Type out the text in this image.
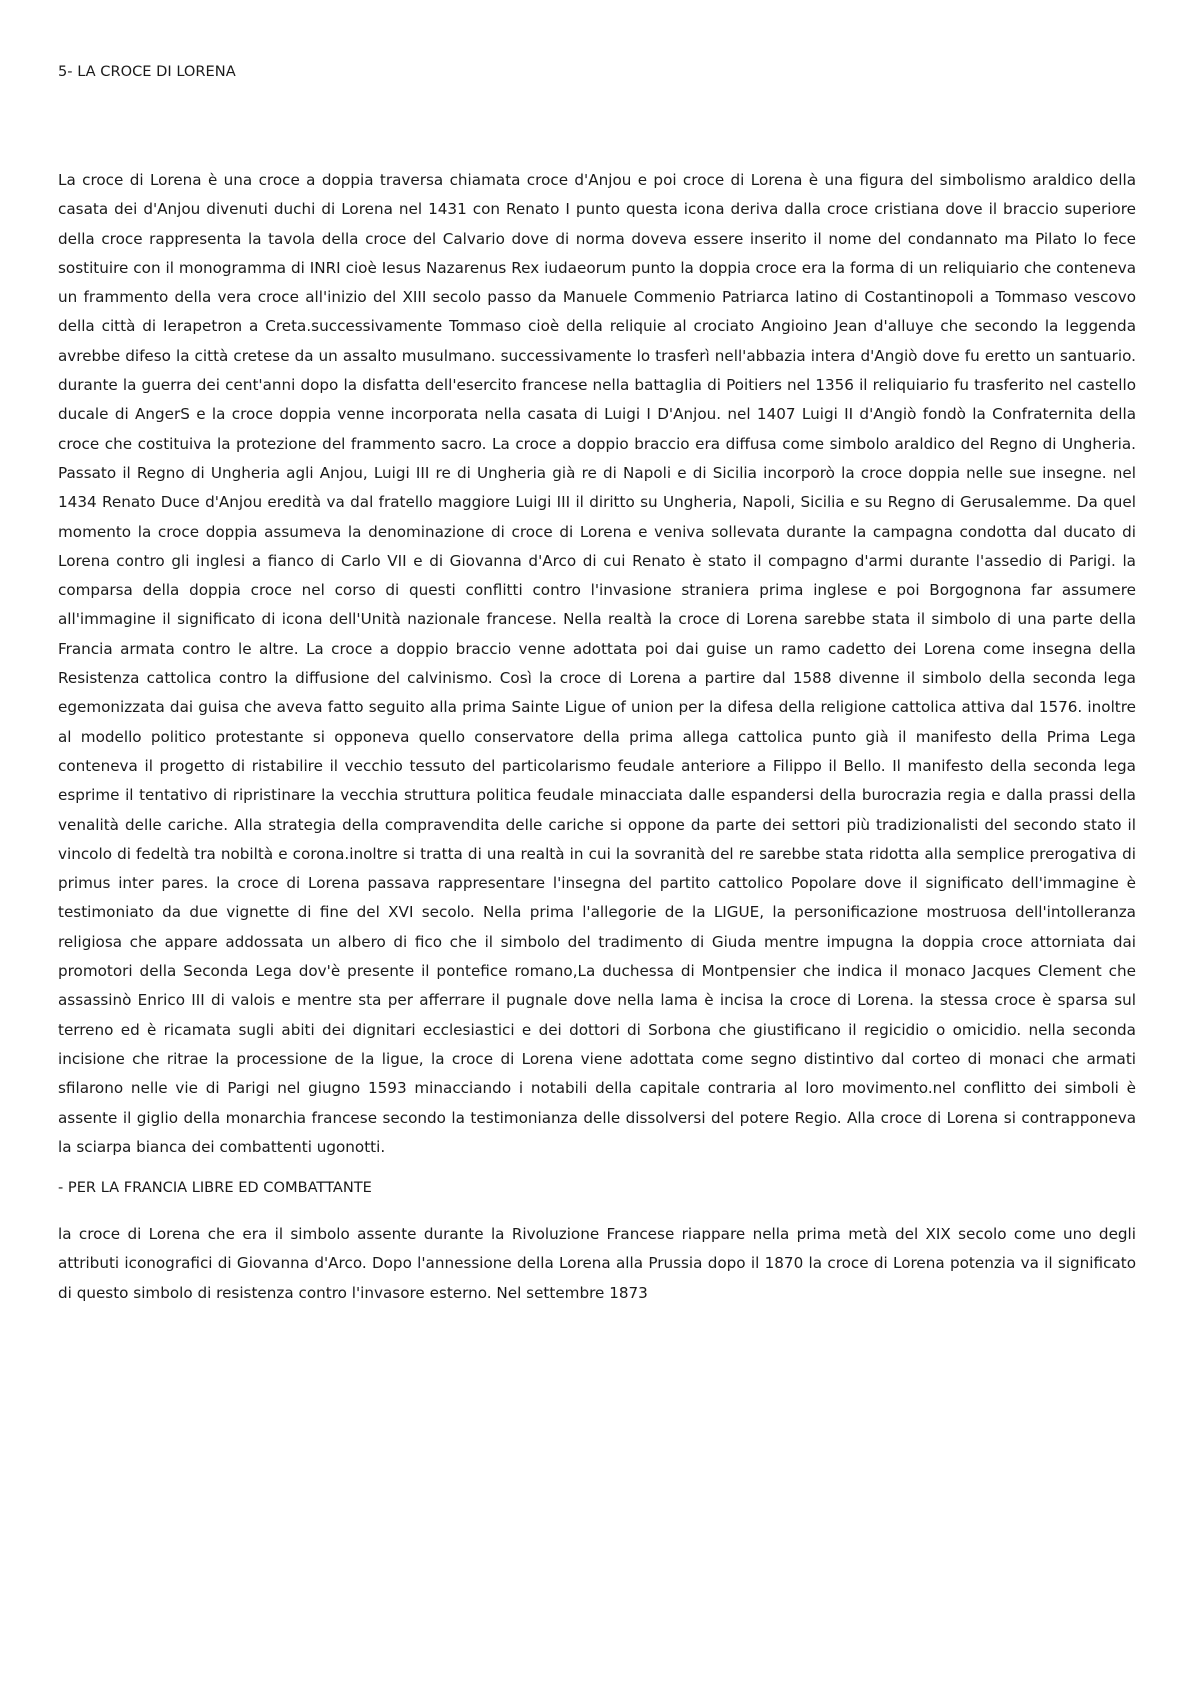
5- LA CROCE DI LORENA

La croce di Lorena è una croce a doppia traversa chiamata croce d'Anjou e poi croce di Lorena è una figura del simbolismo araldico della casata dei d'Anjou divenuti duchi di Lorena nel 1431 con Renato I punto questa icona deriva dalla croce cristiana dove il braccio superiore della croce rappresenta la tavola della croce del Calvario dove di norma doveva essere inserito il nome del condannato ma Pilato lo fece sostituire con il monogramma di INRI cioè Iesus Nazarenus Rex iudaeorum punto la doppia croce era la forma di un reliquiario che conteneva un frammento della vera croce all'inizio del XIII secolo passo da Manuele Commenio Patriarca latino di Costantinopoli a Tommaso vescovo della città di Ierapetron a Creta.successivamente Tommaso cioè della reliquie al crociato Angioino Jean d'alluye che secondo la leggenda avrebbe difeso la città cretese da un assalto musulmano. successivamente lo trasferì nell'abbazia intera d'Angiò dove fu eretto un santuario. durante la guerra dei cent'anni dopo la disfatta dell'esercito francese nella battaglia di Poitiers nel 1356 il reliquiario fu trasferito nel castello ducale di AngerS e la croce doppia venne incorporata nella casata di Luigi I D'Anjou. nel 1407 Luigi II d'Angiò fondò la Confraternita della croce che costituiva la protezione del frammento sacro. La croce a doppio braccio era diffusa come simbolo araldico del Regno di Ungheria. Passato il Regno di Ungheria agli Anjou, Luigi III re di Ungheria già re di Napoli e di Sicilia incorporò la croce doppia nelle sue insegne. nel 1434 Renato Duce d'Anjou eredità va dal fratello maggiore Luigi III il diritto su Ungheria, Napoli, Sicilia e su Regno di Gerusalemme. Da quel momento la croce doppia assumeva la denominazione di croce di Lorena e veniva sollevata durante la campagna condotta dal ducato di Lorena contro gli inglesi a fianco di Carlo VII e di Giovanna d'Arco di cui Renato è stato il compagno d'armi durante l'assedio di Parigi. la comparsa della doppia croce nel corso di questi conflitti contro l'invasione straniera prima inglese e poi Borgognona far assumere all'immagine il significato di icona dell'Unità nazionale francese. Nella realtà la croce di Lorena sarebbe stata il simbolo di una parte della Francia armata contro le altre. La croce a doppio braccio venne adottata poi dai guise un ramo cadetto dei Lorena come insegna della Resistenza cattolica contro la diffusione del calvinismo. Così la croce di Lorena a partire dal 1588 divenne il simbolo della seconda lega egemonizzata dai guisa che aveva fatto seguito alla prima Sainte Ligue of union per la difesa della religione cattolica attiva dal 1576. inoltre al modello politico protestante si opponeva quello conservatore della prima allega cattolica punto già il manifesto della Prima Lega conteneva il progetto di ristabilire il vecchio tessuto del particolarismo feudale anteriore a Filippo il Bello. Il manifesto della seconda lega esprime il tentativo di ripristinare la vecchia struttura politica feudale minacciata dalle espandersi della burocrazia regia e dalla prassi della venalità delle cariche. Alla strategia della compravendita delle cariche si oppone da parte dei settori più tradizionalisti del secondo stato il vincolo di fedeltà tra nobiltà e corona.inoltre si tratta di una realtà in cui la sovranità del re sarebbe stata ridotta alla semplice prerogativa di primus inter pares. la croce di Lorena passava rappresentare l'insegna del partito cattolico Popolare dove il significato dell'immagine è testimoniato da due vignette di fine del XVI secolo. Nella prima l'allegorie de la LIGUE, la personificazione mostruosa dell'intolleranza religiosa che appare addossata un albero di fico che il simbolo del tradimento di Giuda mentre impugna la doppia croce attorniata dai promotori della Seconda Lega dov'è presente il pontefice romano,La duchessa di Montpensier che indica il monaco Jacques Clement che assassinò Enrico III di valois e mentre sta per afferrare il pugnale dove nella lama è incisa la croce di Lorena. la stessa croce è sparsa sul terreno ed è ricamata sugli abiti dei dignitari ecclesiastici e dei dottori di Sorbona che giustificano il regicidio o omicidio. nella seconda incisione che ritrae la processione de la ligue, la croce di Lorena viene adottata come segno distintivo dal corteo di monaci che armati sfilarono nelle vie di Parigi nel giugno 1593 minacciando i notabili della capitale contraria al loro movimento.nel conflitto dei simboli è assente il giglio della monarchia francese secondo la testimonianza delle dissolversi del potere Regio. Alla croce di Lorena si contrapponeva la sciarpa bianca dei combattenti ugonotti.

- PER LA FRANCIA LIBRE ED COMBATTANTE

la croce di Lorena che era il simbolo assente durante la Rivoluzione Francese riappare nella prima metà del XIX secolo come uno degli attributi iconografici di Giovanna d'Arco. Dopo l'annessione della Lorena alla Prussia dopo il 1870 la croce di Lorena potenzia va il significato di questo simbolo di resistenza contro l'invasore esterno. Nel settembre 1873
